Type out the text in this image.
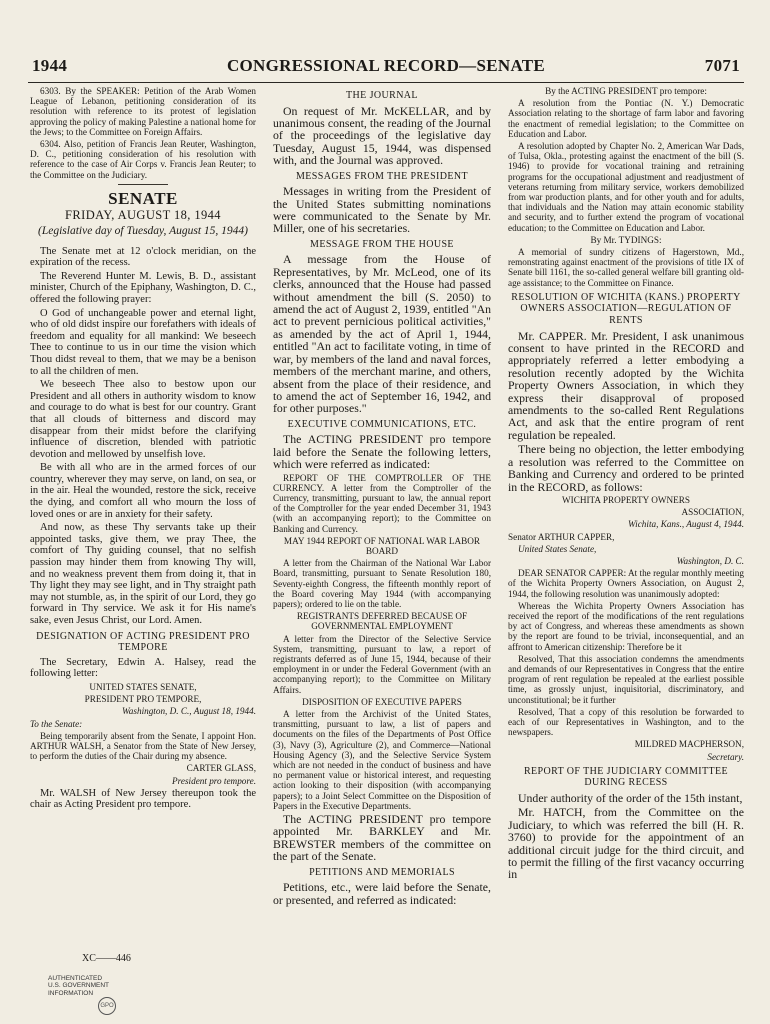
1944	CONGRESSIONAL RECORD—SENATE	7071

6303. By the SPEAKER: Petition of the Arab Women League of Lebanon, petitioning consideration of its resolution with reference to its protest of legislation approving the policy of making Palestine a national home for the Jews; to the Committee on Foreign Affairs.

6304. Also, petition of Francis Jean Reuter, Washington, D. C., petitioning consideration of his resolution with reference to the case of Air Corps v. Francis Jean Reuter; to the Committee on the Judiciary.

SENATE
FRIDAY, AUGUST 18, 1944
(Legislative day of Tuesday, August 15, 1944)

The Senate met at 12 o'clock meridian, on the expiration of the recess.

The Reverend Hunter M. Lewis, B. D., assistant minister, Church of the Epiphany, Washington, D. C., offered the following prayer:

O God of unchangeable power and eternal light, who of old didst inspire our forefathers with ideals of freedom and equality for all mankind: We beseech Thee to continue to us in our time the vision which Thou didst reveal to them, that we may be a benison to all the children of men.

We beseech Thee also to bestow upon our President and all others in authority wisdom to know and courage to do what is best for our country. Grant that all clouds of bitterness and discord may disappear from their midst before the clarifying influence of discretion, blended with patriotic devotion and mellowed by unselfish love.

Be with all who are in the armed forces of our country, wherever they may serve, on land, on sea, or in the air. Heal the wounded, restore the sick, receive the dying, and comfort all who mourn the loss of loved ones or are in anxiety for their safety.

And now, as these Thy servants take up their appointed tasks, give them, we pray Thee, the comfort of Thy guiding counsel, that no selfish passion may hinder them from knowing Thy will, and no weakness prevent them from doing it, that in Thy light they may see light, and in Thy straight path may not stumble, as, in the spirit of our Lord, they go forward in Thy service. We ask it for His name's sake, even Jesus Christ, our Lord. Amen.

DESIGNATION OF ACTING PRESIDENT PRO TEMPORE

The Secretary, Edwin A. Halsey, read the following letter:

UNITED STATES SENATE,

PRESIDENT PRO TEMPORE,

Washington, D. C., August 18, 1944.

To the Senate:

Being temporarily absent from the Senate, I appoint Hon. ARTHUR WALSH, a Senator from the State of New Jersey, to perform the duties of the Chair during my absence.

CARTER GLASS,

President pro tempore.

Mr. WALSH of New Jersey thereupon took the chair as Acting President pro tempore.

XC——446
AUTHENTICATED
U.S. GOVERNMENT
INFORMATION
GPO
THE JOURNAL

On request of Mr. McKELLAR, and by unanimous consent, the reading of the Journal of the proceedings of the legislative day Tuesday, August 15, 1944, was dispensed with, and the Journal was approved.

MESSAGES FROM THE PRESIDENT

Messages in writing from the President of the United States submitting nominations were communicated to the Senate by Mr. Miller, one of his secretaries.

MESSAGE FROM THE HOUSE

A message from the House of Representatives, by Mr. McLeod, one of its clerks, announced that the House had passed without amendment the bill (S. 2050) to amend the act of August 2, 1939, entitled "An act to prevent pernicious political activities," as amended by the act of April 1, 1944, entitled "An act to facilitate voting, in time of war, by members of the land and naval forces, members of the merchant marine, and others, absent from the place of their residence, and to amend the act of September 16, 1942, and for other purposes."

EXECUTIVE COMMUNICATIONS, ETC.

The ACTING PRESIDENT pro tempore laid before the Senate the following letters, which were referred as indicated:

REPORT OF THE COMPTROLLER OF THE CURRENCY. A letter from the Comptroller of the Currency, transmitting, pursuant to law, the annual report of the Comptroller for the year ended December 31, 1943 (with an accompanying report); to the Committee on Banking and Currency.

MAY 1944 REPORT OF NATIONAL WAR LABOR BOARD

A letter from the Chairman of the National War Labor Board, transmitting, pursuant to Senate Resolution 180, Seventy-eighth Congress, the fifteenth monthly report of the Board covering May 1944 (with accompanying papers); ordered to lie on the table.

REGISTRANTS DEFERRED BECAUSE OF GOVERNMENTAL EMPLOYMENT

A letter from the Director of the Selective Service System, transmitting, pursuant to law, a report of registrants deferred as of June 15, 1944, because of their employment in or under the Federal Government (with an accompanying report); to the Committee on Military Affairs.

DISPOSITION OF EXECUTIVE PAPERS

A letter from the Archivist of the United States, transmitting, pursuant to law, a list of papers and documents on the files of the Departments of Post Office (3), Navy (3), Agriculture (2), and Commerce—National Housing Agency (3), and the Selective Service System which are not needed in the conduct of business and have no permanent value or historical interest, and requesting action looking to their disposition (with accompanying papers); to a Joint Select Committee on the Disposition of Papers in the Executive Departments.

The ACTING PRESIDENT pro tempore appointed Mr. BARKLEY and Mr. BREWSTER members of the committee on the part of the Senate.

PETITIONS AND MEMORIALS

Petitions, etc., were laid before the Senate, or presented, and referred as indicated:

By the ACTING PRESIDENT pro tempore:

A resolution from the Pontiac (N. Y.) Democratic Association relating to the shortage of farm labor and favoring the enactment of remedial legislation; to the Committee on Education and Labor.

A resolution adopted by Chapter No. 2, American War Dads, of Tulsa, Okla., protesting against the enactment of the bill (S. 1946) to provide for vocational training and retraining programs for the occupational adjustment and readjustment of veterans returning from military service, workers demobilized from war production plants, and for other youth and for adults, that individuals and the Nation may attain economic stability and security, and to further extend the program of vocational education; to the Committee on Education and Labor.

By Mr. TYDINGS:

A memorial of sundry citizens of Hagerstown, Md., remonstrating against enactment of the provisions of title IX of Senate bill 1161, the so-called general welfare bill granting old-age assistance; to the Committee on Finance.

RESOLUTION OF WICHITA (KANS.) PROPERTY OWNERS ASSOCIATION—REGULATION OF RENTS

Mr. CAPPER. Mr. President, I ask unanimous consent to have printed in the RECORD and appropriately referred a letter embodying a resolution recently adopted by the Wichita Property Owners Association, in which they express their disapproval of proposed amendments to the so-called Rent Regulations Act, and ask that the entire program of rent regulation be repealed.

There being no objection, the letter embodying a resolution was referred to the Committee on Banking and Currency and ordered to be printed in the RECORD, as follows:

WICHITA PROPERTY OWNERS

ASSOCIATION,

Wichita, Kans., August 4, 1944.

Senator ARTHUR CAPPER,

United States Senate,

Washington, D. C.

DEAR SENATOR CAPPER: At the regular monthly meeting of the Wichita Property Owners Association, on August 2, 1944, the following resolution was unanimously adopted:

Whereas the Wichita Property Owners Association has received the report of the modifications of the rent regulations by act of Congress, and whereas these amendments as shown by the report are found to be trivial, inconsequential, and an affront to American citizenship: Therefore be it

Resolved, That this association condemns the amendments and demands of our Representatives in Congress that the entire program of rent regulation be repealed at the earliest possible time, as grossly unjust, inquisitorial, discriminatory, and unconstitutional; be it further

Resolved, That a copy of this resolution be forwarded to each of our Representatives in Washington, and to the newspapers.

MILDRED MACPHERSON,

Secretary.

REPORT OF THE JUDICIARY COMMITTEE DURING RECESS

Under authority of the order of the 15th instant,

Mr. HATCH, from the Committee on the Judiciary, to which was referred the bill (H. R. 3760) to provide for the appointment of an additional circuit judge for the third circuit, and to permit the filling of the first vacancy occurring in
